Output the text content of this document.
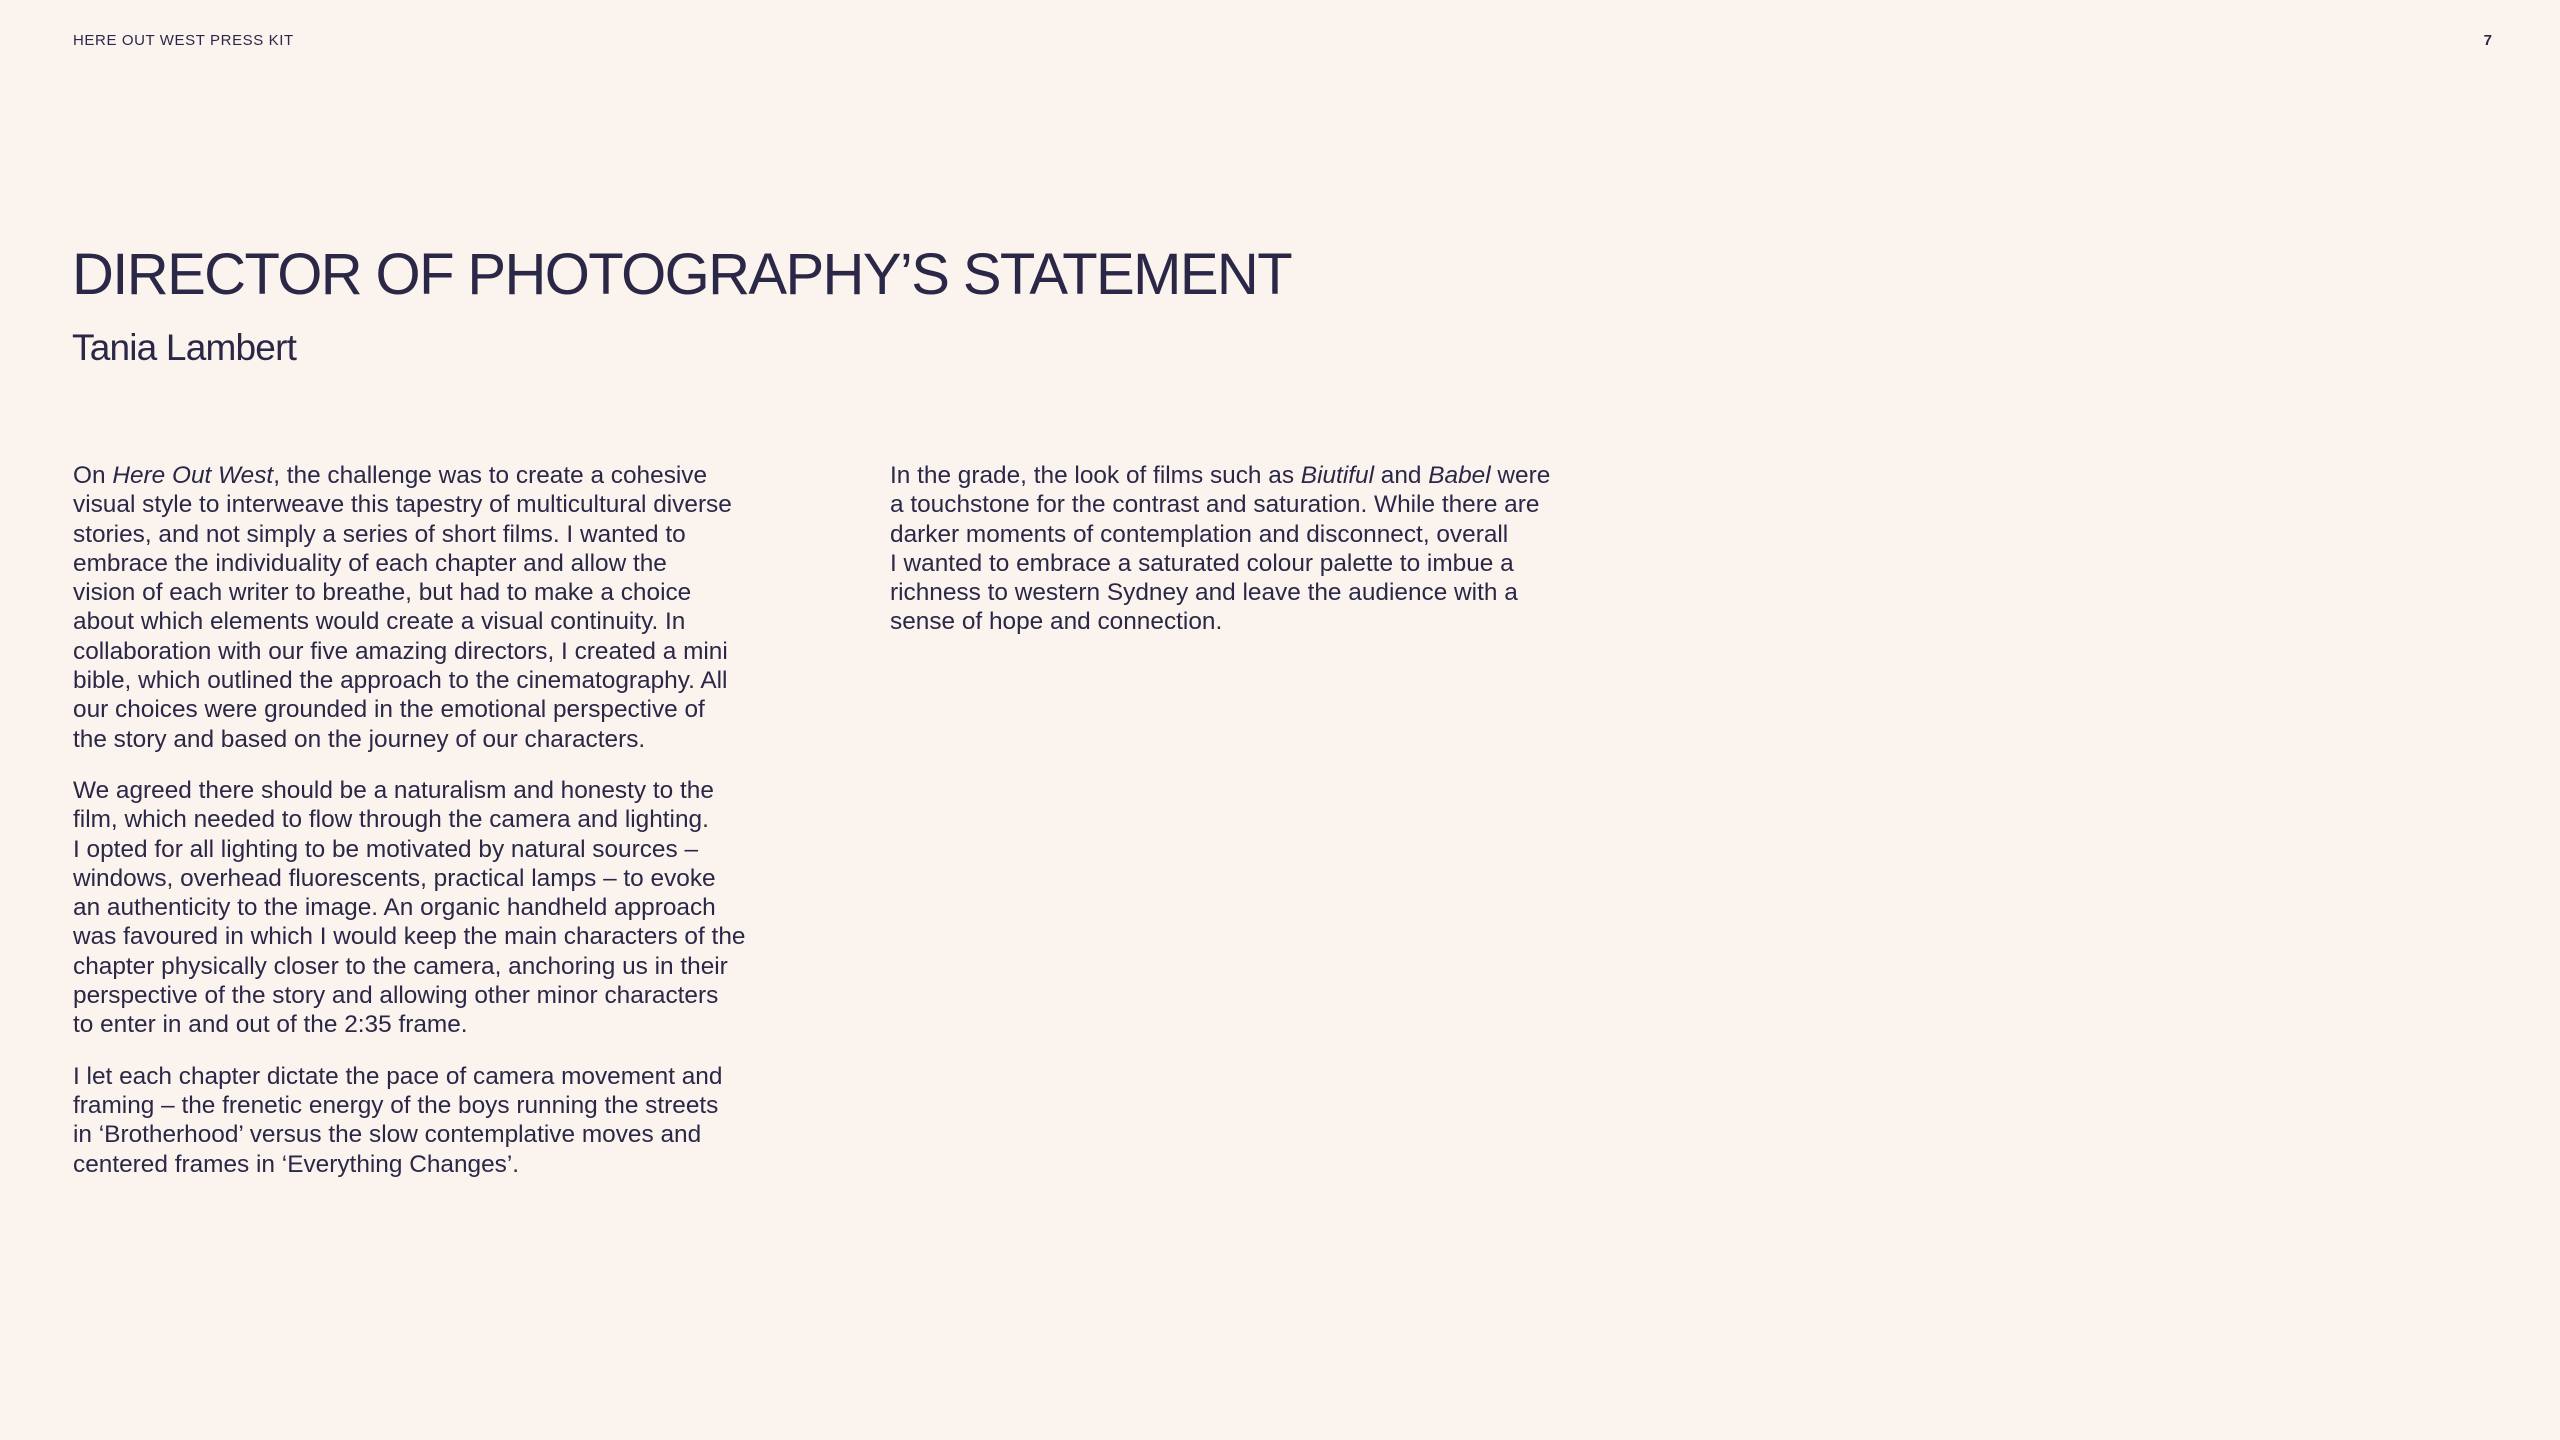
HERE OUT WEST PRESS KIT	7
DIRECTOR OF PHOTOGRAPHY’S STATEMENT
Tania Lambert

On Here Out West, the challenge was to create a cohesive
visual style to interweave this tapestry of multicultural diverse
stories, and not simply a series of short films. I wanted to
embrace the individuality of each chapter and allow the
vision of each writer to breathe, but had to make a choice
about which elements would create a visual continuity. In
collaboration with our five amazing directors, I created a mini
bible, which outlined the approach to the cinematography. All
our choices were grounded in the emotional perspective of
the story and based on the journey of our characters.

We agreed there should be a naturalism and honesty to the
film, which needed to flow through the camera and lighting.
I opted for all lighting to be motivated by natural sources –
windows, overhead fluorescents, practical lamps – to evoke
an authenticity to the image. An organic handheld approach
was favoured in which I would keep the main characters of the
chapter physically closer to the camera, anchoring us in their
perspective of the story and allowing other minor characters
to enter in and out of the 2:35 frame.

I let each chapter dictate the pace of camera movement and
framing – the frenetic energy of the boys running the streets
in ‘Brotherhood’ versus the slow contemplative moves and
centered frames in ‘Everything Changes’.

In the grade, the look of films such as Biutiful and Babel were
a touchstone for the contrast and saturation. While there are
darker moments of contemplation and disconnect, overall
I wanted to embrace a saturated colour palette to imbue a
richness to western Sydney and leave the audience with a
sense of hope and connection.
